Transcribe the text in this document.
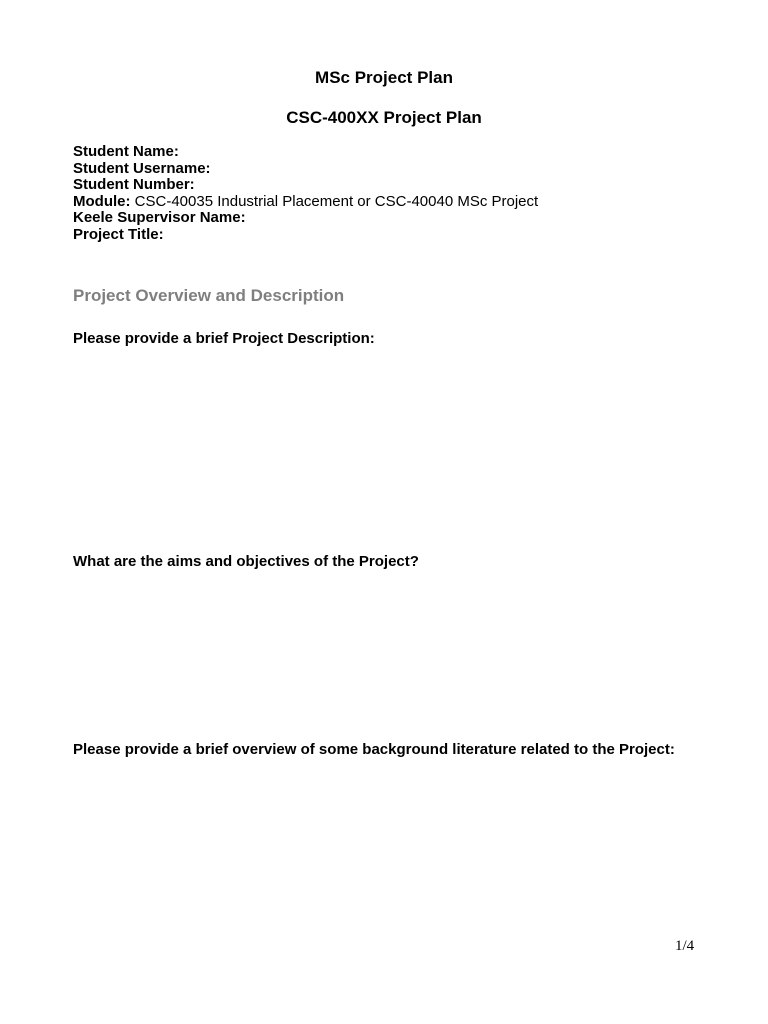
MSc Project Plan
CSC-400XX Project Plan
Student Name:
Student Username:
Student Number:
Module: CSC-40035 Industrial Placement or CSC-40040 MSc Project
Keele Supervisor Name:
Project Title:
Project Overview and Description

Please provide a brief Project Description:

What are the aims and objectives of the Project?

Please provide a brief overview of some background literature related to the Project:

1/4
